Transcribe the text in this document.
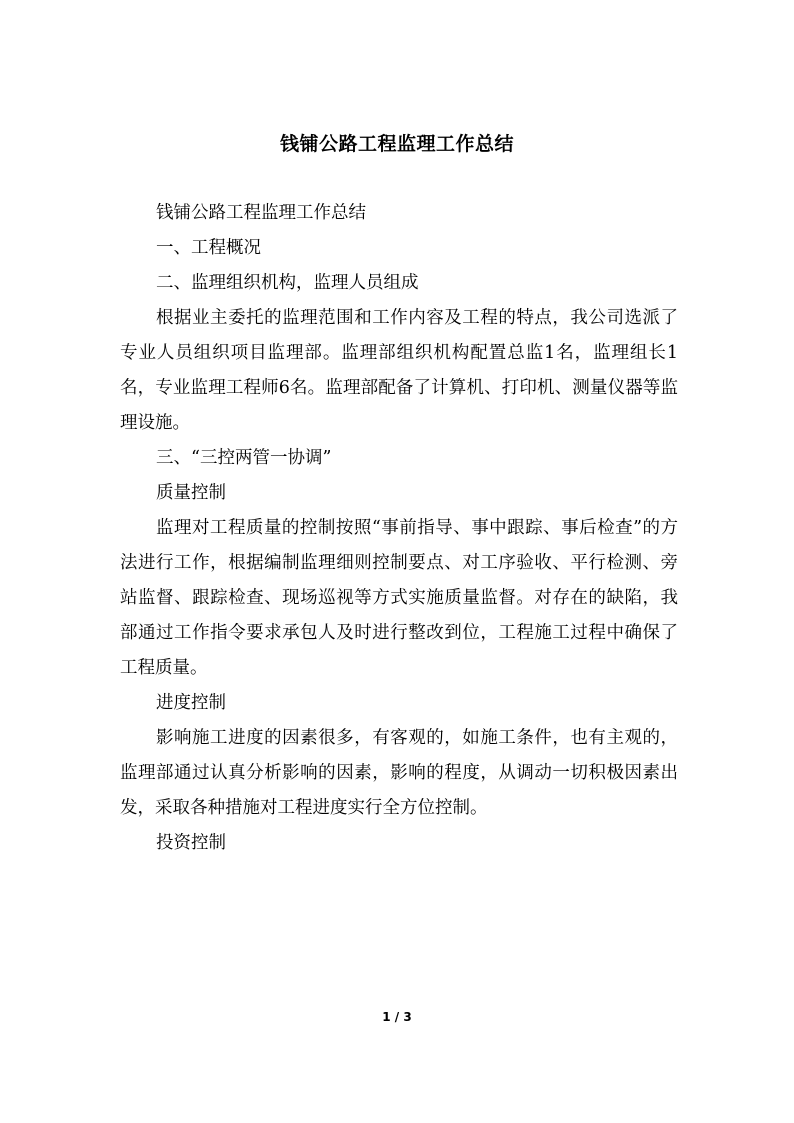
钱铺公路工程监理工作总结

钱铺公路工程监理工作总结

一、工程概况

二、监理组织机构，监理人员组成

根据业主委托的监理范围和工作内容及工程的特点，我公司选派了专业人员组织项目监理部。监理部组织机构配置总监1名，监理组长1名，专业监理工程师6名。监理部配备了计算机、打印机、测量仪器等监理设施。

三、“三控两管一协调”

质量控制

监理对工程质量的控制按照“事前指导、事中跟踪、事后检查”的方法进行工作，根据编制监理细则控制要点、对工序验收、平行检测、旁站监督、跟踪检查、现场巡视等方式实施质量监督。对存在的缺陷，我部通过工作指令要求承包人及时进行整改到位，工程施工过程中确保了工程质量。

进度控制

影响施工进度的因素很多，有客观的，如施工条件，也有主观的，监理部通过认真分析影响的因素，影响的程度，从调动一切积极因素出发，采取各种措施对工程进度实行全方位控制。

投资控制

1 / 3
